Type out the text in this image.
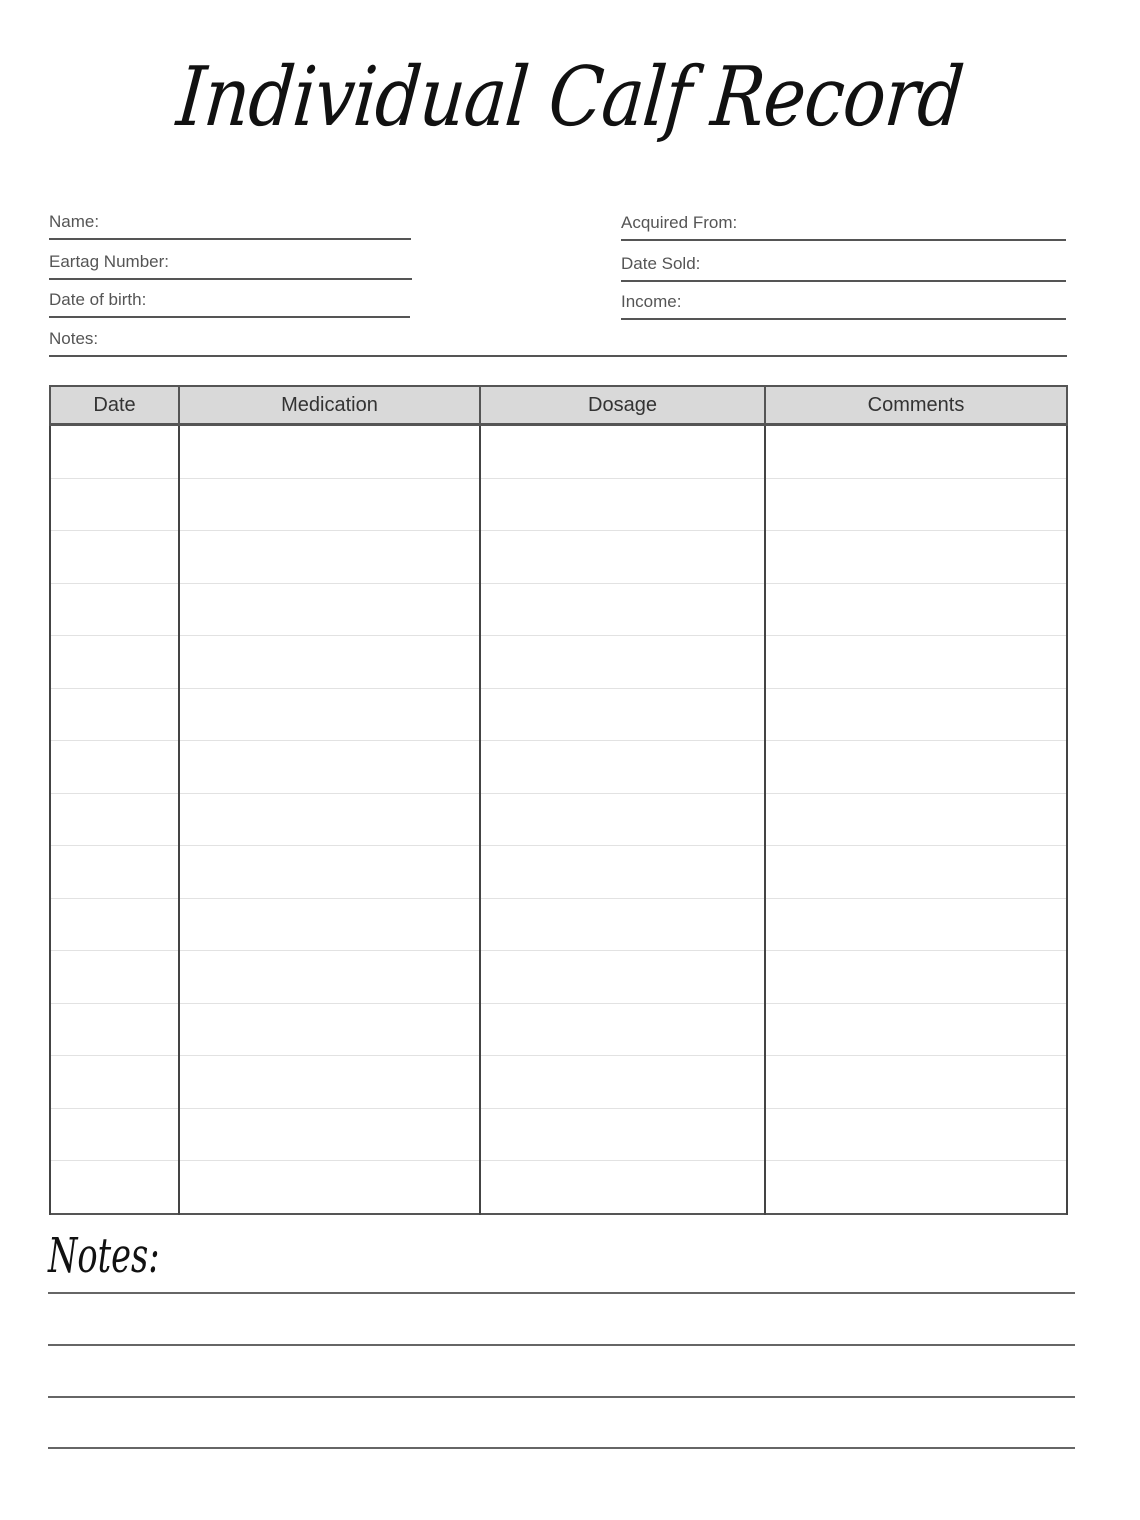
Individual Calf Record
Name:
Eartag Number:
Date of birth:
Acquired From:
Date Sold:
Income:
Notes:
Date	Medication	Dosage	Comments

Notes:
